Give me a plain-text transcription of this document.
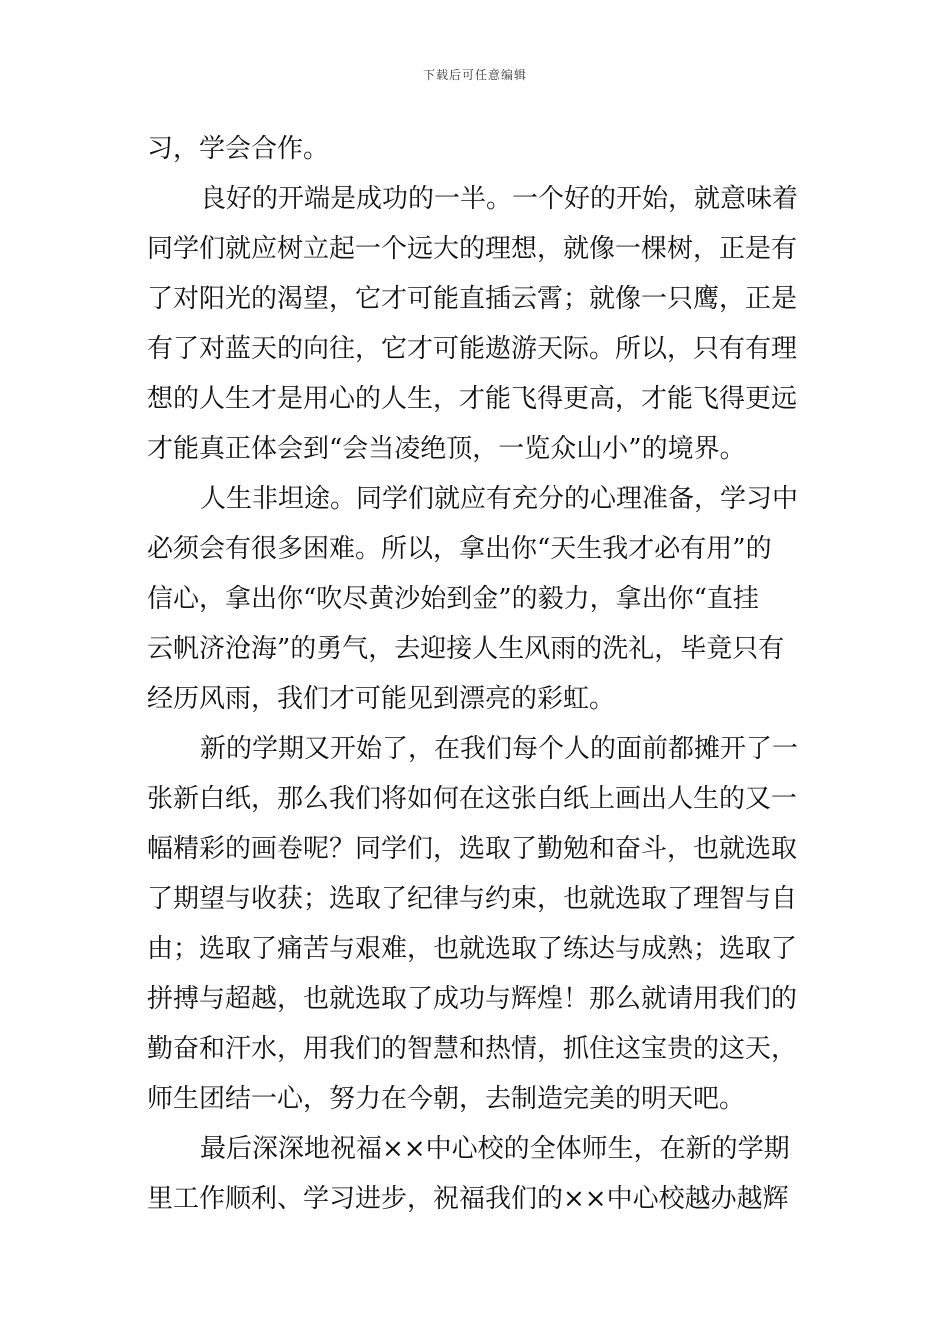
下载后可任意编辑
习，学会合作。
良好的开端是成功的一半。一个好的开始，就意味着
同学们就应树立起一个远大的理想，就像一棵树，正是有
了对阳光的渴望，它才可能直插云霄；就像一只鹰，正是
有了对蓝天的向往，它才可能遨游天际。所以，只有有理
想的人生才是用心的人生，才能飞得更高，才能飞得更远
才能真正体会到“会当凌绝顶，一览众山小”的境界。
人生非坦途。同学们就应有充分的心理准备，学习中
必须会有很多困难。所以，拿出你“天生我才必有用”的
信心，拿出你“吹尽黄沙始到金”的毅力，拿出你“直挂
云帆济沧海”的勇气，去迎接人生风雨的洗礼，毕竟只有
经历风雨，我们才可能见到漂亮的彩虹。
新的学期又开始了，在我们每个人的面前都摊开了一
张新白纸，那么我们将如何在这张白纸上画出人生的又一
幅精彩的画卷呢？同学们，选取了勤勉和奋斗，也就选取
了期望与收获；选取了纪律与约束，也就选取了理智与自
由；选取了痛苦与艰难，也就选取了练达与成熟；选取了
拼搏与超越，也就选取了成功与辉煌！那么就请用我们的
勤奋和汗水，用我们的智慧和热情，抓住这宝贵的这天，
师生团结一心，努力在今朝，去制造完美的明天吧。
最后深深地祝福××中心校的全体师生，在新的学期
里工作顺利、学习进步，祝福我们的××中心校越办越辉
